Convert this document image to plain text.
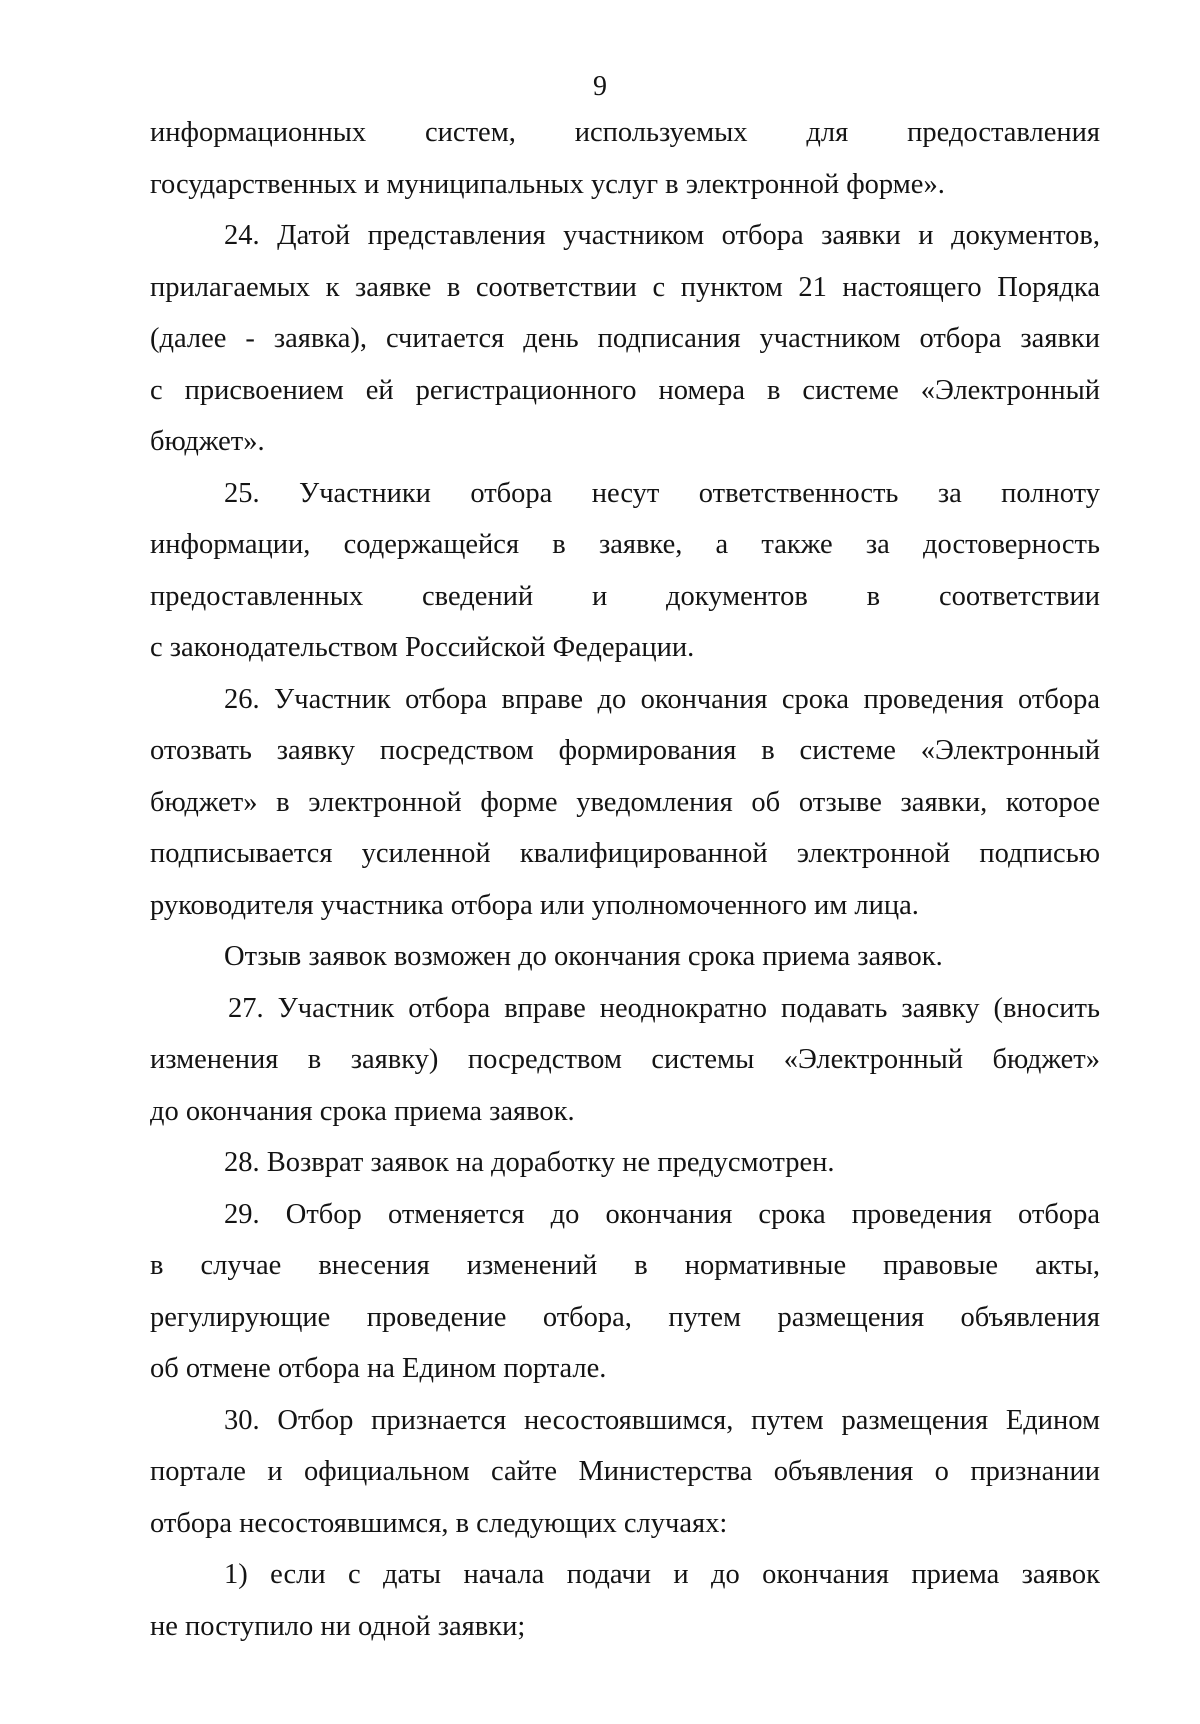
9
информационных систем, используемых для предоставления
государственных и муниципальных услуг в электронной форме».
24. Датой представления участником отбора заявки и документов,
прилагаемых к заявке в соответствии с пунктом 21 настоящего Порядка
(далее - заявка), считается день подписания участником отбора заявки
с присвоением ей регистрационного номера в системе «Электронный
бюджет».
25. Участники отбора несут ответственность за полноту
информации, содержащейся в заявке, а также за достоверность
предоставленных сведений и документов в соответствии
с законодательством Российской Федерации.
26. Участник отбора вправе до окончания срока проведения отбора
отозвать заявку посредством формирования в системе «Электронный
бюджет» в электронной форме уведомления об отзыве заявки, которое
подписывается усиленной квалифицированной электронной подписью
руководителя участника отбора или уполномоченного им лица.
Отзыв заявок возможен до окончания срока приема заявок.
27. Участник отбора вправе неоднократно подавать заявку (вносить
изменения в заявку) посредством системы «Электронный бюджет»
до окончания срока приема заявок.
28. Возврат заявок на доработку не предусмотрен.
29. Отбор отменяется до окончания срока проведения отбора
в случае внесения изменений в нормативные правовые акты,
регулирующие проведение отбора, путем размещения объявления
об отмене отбора на Едином портале.
30. Отбор признается несостоявшимся, путем размещения Едином
портале и официальном сайте Министерства объявления о признании
отбора несостоявшимся, в следующих случаях:
1) если с даты начала подачи и до окончания приема заявок
не поступило ни одной заявки;
